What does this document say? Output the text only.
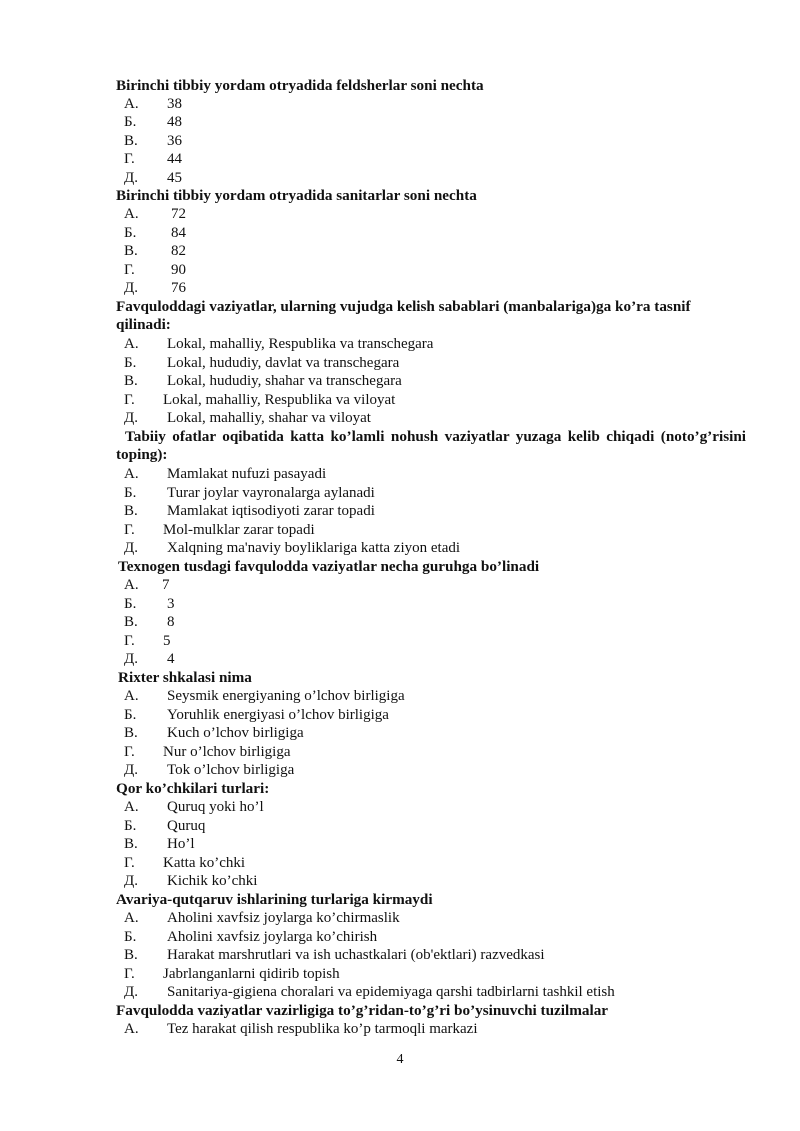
Birinchi tibbiy yordam otryadida feldsherlar soni nechta
А. 38
Б. 48
В. 36
Г. 44
Д. 45
Birinchi tibbiy yordam otryadida sanitarlar soni nechta
А. 72
Б. 84
В. 82
Г. 90
Д. 76
Favqulоddagi vaziyatlar, ularning vujudga kelish sabablari (manbalariga)ga ko’ra tasnif qilinadi:
А. Lokal, mahalliy, Respublika va transchegara
Б. Lokal, hududiy, davlat va transchegara
В. Lokal, hududiy, shahar va transchegara
Г. Lokal, mahalliy, Respublika va viloyat
Д. Lokal, mahalliy, shahar va viloyat
Tabiiy ofatlar oqibatida katta ko’lamli nohush vaziyatlar yuzaga kelib chiqadi (noto’g’risini toping):
А. Mamlakat nufuzi pasayadi
Б. Turar joylar vayronalarga aylanadi
В. Mamlakat iqtisodiyoti zarar topadi
Г. Mol-mulklar zarar topadi
Д. Xalqning ma'naviy boyliklariga katta ziyon etadi
Texnogen tusdagi favqulodda vaziyatlar necha guruhga bo’linadi
А. 7
Б. 3
В. 8
Г. 5
Д. 4
Rixter shkalasi nima
А. Seysmik energiyaning o’lchov birligiga
Б. Yoruhlik energiyasi o’lchov birligiga
В. Kuch o’lchov birligiga
Г. Nur o’lchov birligiga
Д. Tok o’lchov birligiga
Qor ko’chkilari turlari:
А. Quruq yoki ho’l
Б. Quruq
В. Ho’l
Г. Katta ko’chki
Д. Kichik ko’chki
Avariya-qutqaruv ishlarining turlariga kirmaydi
А. Aholini xavfsiz joylarga ko’chirmaslik
Б. Aholini xavfsiz joylarga ko’chirish
В. Harakat marshrutlari va ish uchastkalari (ob'ektlari) razvedkasi
Г. Jabrlanganlarni qidirib topish
Д. Sanitariya-gigiena choralari va epidemiyaga qarshi tadbirlarni tashkil etish
Favqulodda vaziyatlar vazirligiga to’g’ridan-to’g’ri bo’ysinuvchi tuzilmalar
А. Tez harakat qilish respublika ko’p tarmoqli markazi
4
